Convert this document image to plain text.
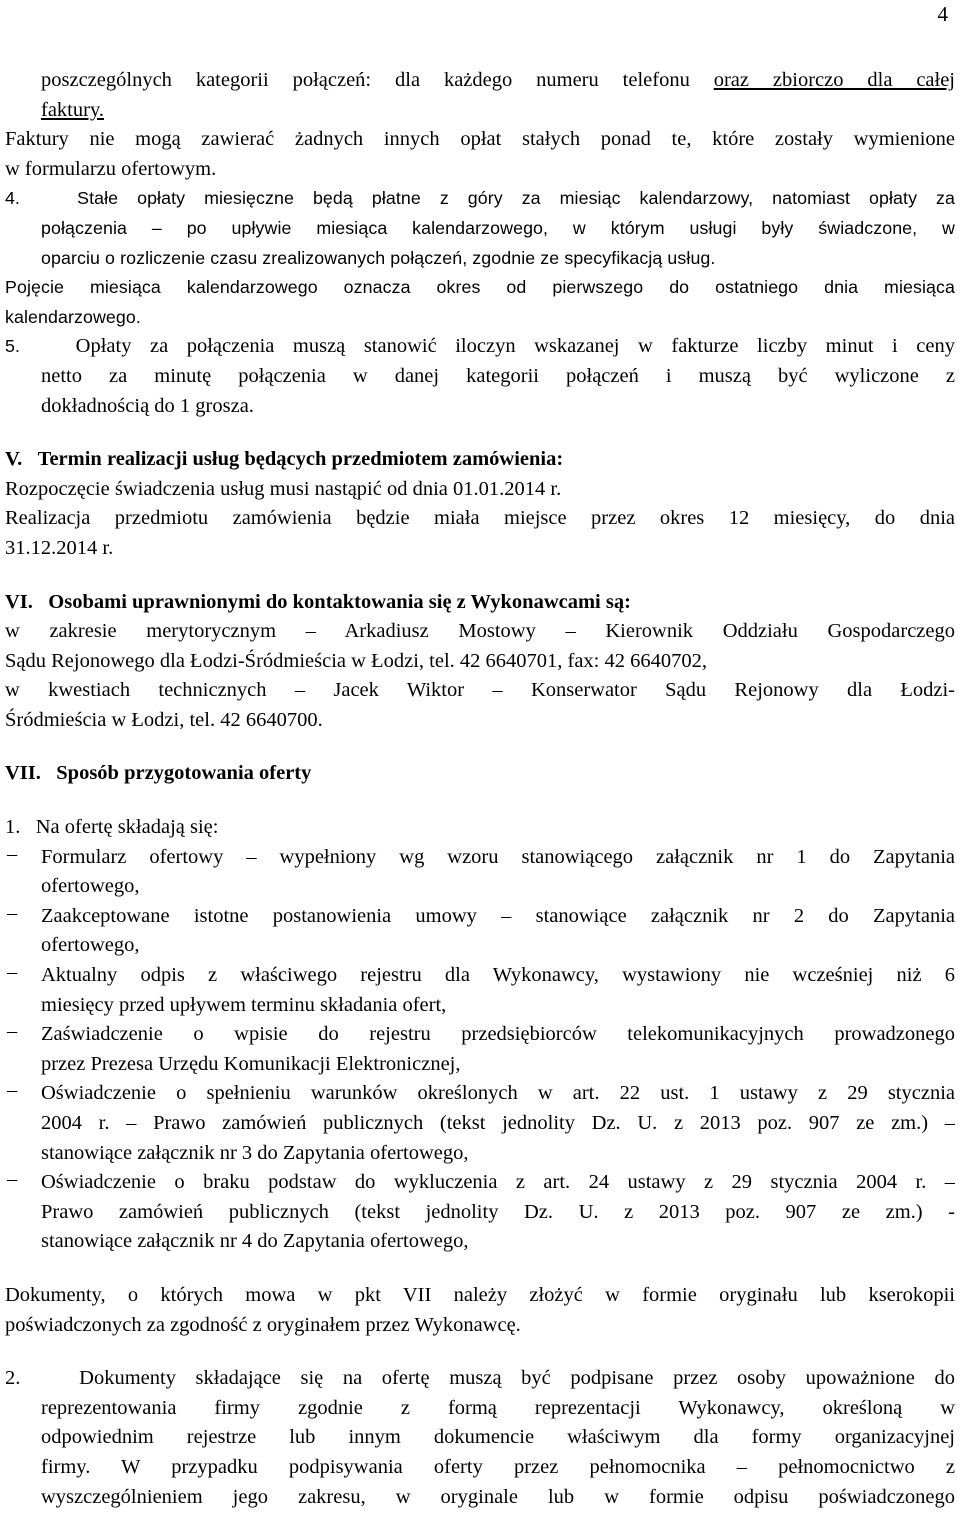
4
poszczególnych kategorii połączeń: dla każdego numeru telefonu oraz zbiorczo dla całej
faktury.
Faktury nie mogą zawierać żadnych innych opłat stałych ponad te, które zostały wymienione
w formularzu ofertowym.
4.	Stałe opłaty miesięczne będą płatne z góry za miesiąc kalendarzowy, natomiast opłaty za
połączenia – po upływie miesiąca kalendarzowego, w którym usługi były świadczone, w
oparciu o rozliczenie czasu zrealizowanych połączeń, zgodnie ze specyfikacją usług.
Pojęcie miesiąca kalendarzowego oznacza okres od pierwszego do ostatniego dnia miesiąca
kalendarzowego.
5.	Opłaty za połączenia muszą stanowić iloczyn wskazanej w fakturze liczby minut i ceny
netto za minutę połączenia w danej kategorii połączeń i muszą być wyliczone z
dokładnością do 1 grosza.
V. Termin realizacji usług będących przedmiotem zamówienia:
Rozpoczęcie świadczenia usług musi nastąpić od dnia 01.01.2014 r.
Realizacja przedmiotu zamówienia będzie miała miejsce przez okres 12 miesięcy, do dnia
31.12.2014 r.
VI. Osobami uprawnionymi do kontaktowania się z Wykonawcami są:
w zakresie merytorycznym – Arkadiusz Mostowy – Kierownik Oddziału Gospodarczego
Sądu Rejonowego dla Łodzi-Śródmieścia w Łodzi, tel. 42 6640701, fax: 42 6640702,
w kwestiach technicznych – Jacek Wiktor – Konserwator Sądu Rejonowy dla Łodzi-
Śródmieścia w Łodzi, tel. 42 6640700.
VII. Sposób przygotowania oferty
1. Na ofertę składają się:
–	Formularz ofertowy – wypełniony wg wzoru stanowiącego załącznik nr 1 do Zapytania
ofertowego,
–	Zaakceptowane istotne postanowienia umowy – stanowiące załącznik nr 2 do Zapytania
ofertowego,
–	Aktualny odpis z właściwego rejestru dla Wykonawcy, wystawiony nie wcześniej niż 6
miesięcy przed upływem terminu składania ofert,
–	Zaświadczenie o wpisie do rejestru przedsiębiorców telekomunikacyjnych prowadzonego
przez Prezesa Urzędu Komunikacji Elektronicznej,
–	Oświadczenie o spełnieniu warunków określonych w art. 22 ust. 1 ustawy z 29 stycznia
2004 r. – Prawo zamówień publicznych (tekst jednolity Dz. U. z 2013 poz. 907 ze zm.) –
stanowiące załącznik nr 3 do Zapytania ofertowego,
–	Oświadczenie o braku podstaw do wykluczenia z art. 24 ustawy z 29 stycznia 2004 r. –
Prawo zamówień publicznych (tekst jednolity Dz. U. z 2013 poz. 907 ze zm.) -
stanowiące załącznik nr 4 do Zapytania ofertowego,
Dokumenty, o których mowa w pkt VII należy złożyć w formie oryginału lub kserokopii
poświadczonych za zgodność z oryginałem przez Wykonawcę.
2.	Dokumenty składające się na ofertę muszą być podpisane przez osoby upoważnione do
reprezentowania firmy zgodnie z formą reprezentacji Wykonawcy, określoną w
odpowiednim rejestrze lub innym dokumencie właściwym dla formy organizacyjnej
firmy. W przypadku podpisywania oferty przez pełnomocnika – pełnomocnictwo z
wyszczególnieniem jego zakresu, w oryginale lub w formie odpisu poświadczonego
